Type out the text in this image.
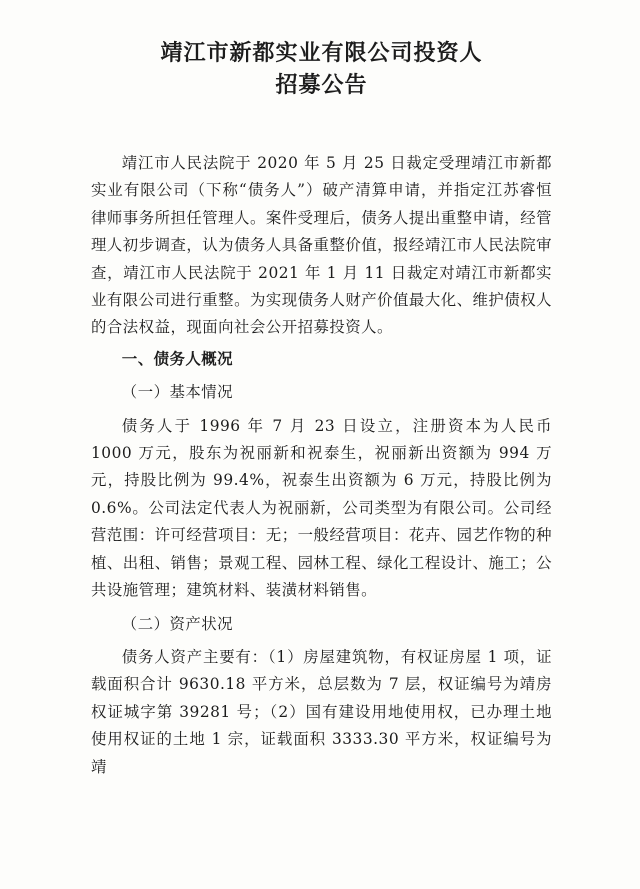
靖江市新都实业有限公司投资人
招募公告

靖江市人民法院于 2020 年 5 月 25 日裁定受理靖江市新都实业有限公司（下称“债务人”）破产清算申请，并指定江苏睿恒律师事务所担任管理人。案件受理后，债务人提出重整申请，经管理人初步调查，认为债务人具备重整价值，报经靖江市人民法院审查，靖江市人民法院于 2021 年 1 月 11 日裁定对靖江市新都实业有限公司进行重整。为实现债务人财产价值最大化、维护债权人的合法权益，现面向社会公开招募投资人。

一、债务人概况

（一）基本情况

债务人于 1996 年 7 月 23 日设立，注册资本为人民币 1000 万元，股东为祝丽新和祝泰生，祝丽新出资额为 994 万元，持股比例为 99.4%，祝泰生出资额为 6 万元，持股比例为 0.6%。公司法定代表人为祝丽新，公司类型为有限公司。公司经营范围：许可经营项目：无；一般经营项目：花卉、园艺作物的种植、出租、销售；景观工程、园林工程、绿化工程设计、施工；公共设施管理；建筑材料、装潢材料销售。

（二）资产状况

债务人资产主要有：（1）房屋建筑物，有权证房屋 1 项，证载面积合计 9630.18 平方米，总层数为 7 层，权证编号为靖房权证城字第 39281 号；（2）国有建设用地使用权，已办理土地使用权证的土地 1 宗，证载面积 3333.30 平方米，权证编号为靖
